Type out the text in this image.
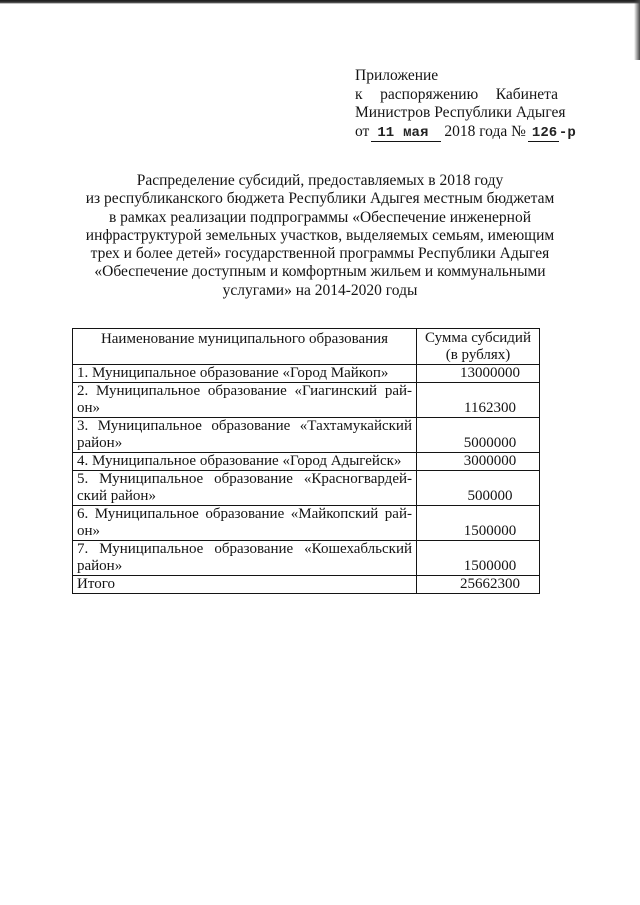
Приложение
к распоряжению Кабинета
Министров Республики Адыгея
от 11 мая 2018 года № 126 -р
Распределение субсидий, предоставляемых в 2018 году
из республиканского бюджета Республики Адыгея местным бюджетам
в рамках реализации подпрограммы «Обеспечение инженерной
инфраструктурой земельных участков, выделяемых семьям, имеющим
трех и более детей» государственной программы Республики Адыгея
«Обеспечение доступным и комфортным жильем и коммунальными
услугами» на 2014-2020 годы
Наименование муниципального образования	Сумма субсидий
(в рублях)

1. Муниципальное образование «Город Майкоп»	13000000

2. Муниципальное образование «Гиагинский рай-
он»	1162300

3. Муниципальное образование «Тахтамукайский
район»	5000000

4. Муниципальное образование «Город Адыгейск»	3000000

5. Муниципальное образование «Красногвардей-
ский район»	500000

6. Муниципальное образование «Майкопский рай-
он»	1500000

7. Муниципальное образование «Кошехабльский
район»	1500000

Итого	25662300
